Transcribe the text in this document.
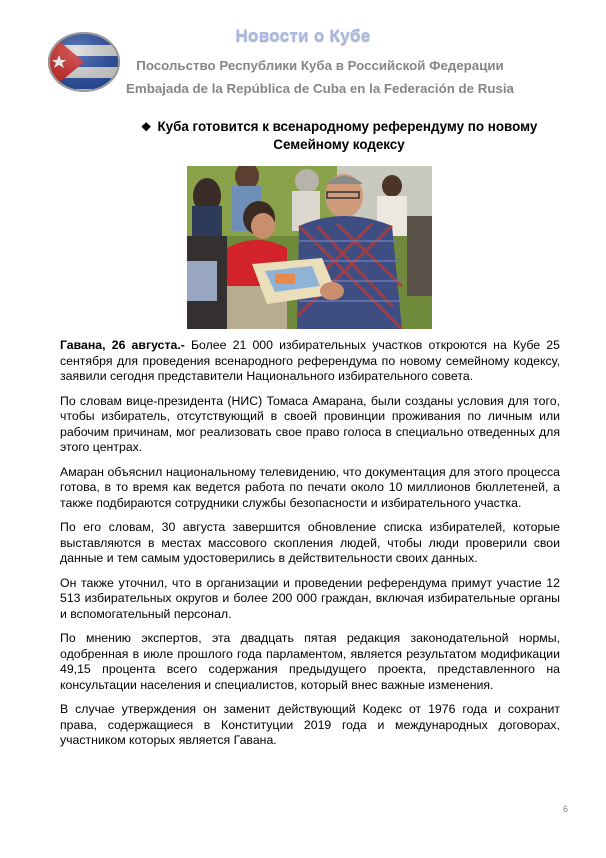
Новости о Кубе
Посольство Республики Куба в Российской Федерации
Embajada de la República de Cuba en la Federación de Rusia
❖ Куба готовится к всенародному референдуму по новому Семейному кодексу

Гавана, 26 августа.- Более 21 000 избирательных участков откроются на Кубе 25 сентября для проведения всенародного референдума по новому семейному кодексу, заявили сегодня представители Национального избирательного совета.

По словам вице-президента (НИС) Томаса Амарана, были созданы условия для того, чтобы избиратель, отсутствующий в своей провинции проживания по личным или рабочим причинам, мог реализовать свое право голоса в специально отведенных для этого центрах.

Амаран объяснил национальному телевидению, что документация для этого процесса готова, в то время как ведется работа по печати около 10 миллионов бюллетеней, а также подбираются сотрудники службы безопасности и избирательного участка.

По его словам, 30 августа завершится обновление списка избирателей, которые выставляются в местах массового скопления людей, чтобы люди проверили свои данные и тем самым удостоверились в действительности своих данных.

Он также уточнил, что в организации и проведении референдума примут участие 12 513 избирательных округов и более 200 000 граждан, включая избирательные органы и вспомогательный персонал.

По мнению экспертов, эта двадцать пятая редакция законодательной нормы, одобренная в июле прошлого года парламентом, является результатом модификации 49,15 процента всего содержания предыдущего проекта, представленного на консультации населения и специалистов, который внес важные изменения.

В случае утверждения он заменит действующий Кодекс от 1976 года и сохранит права, содержащиеся в Конституции 2019 года и международных договорах, участником которых является Гавана.

6
